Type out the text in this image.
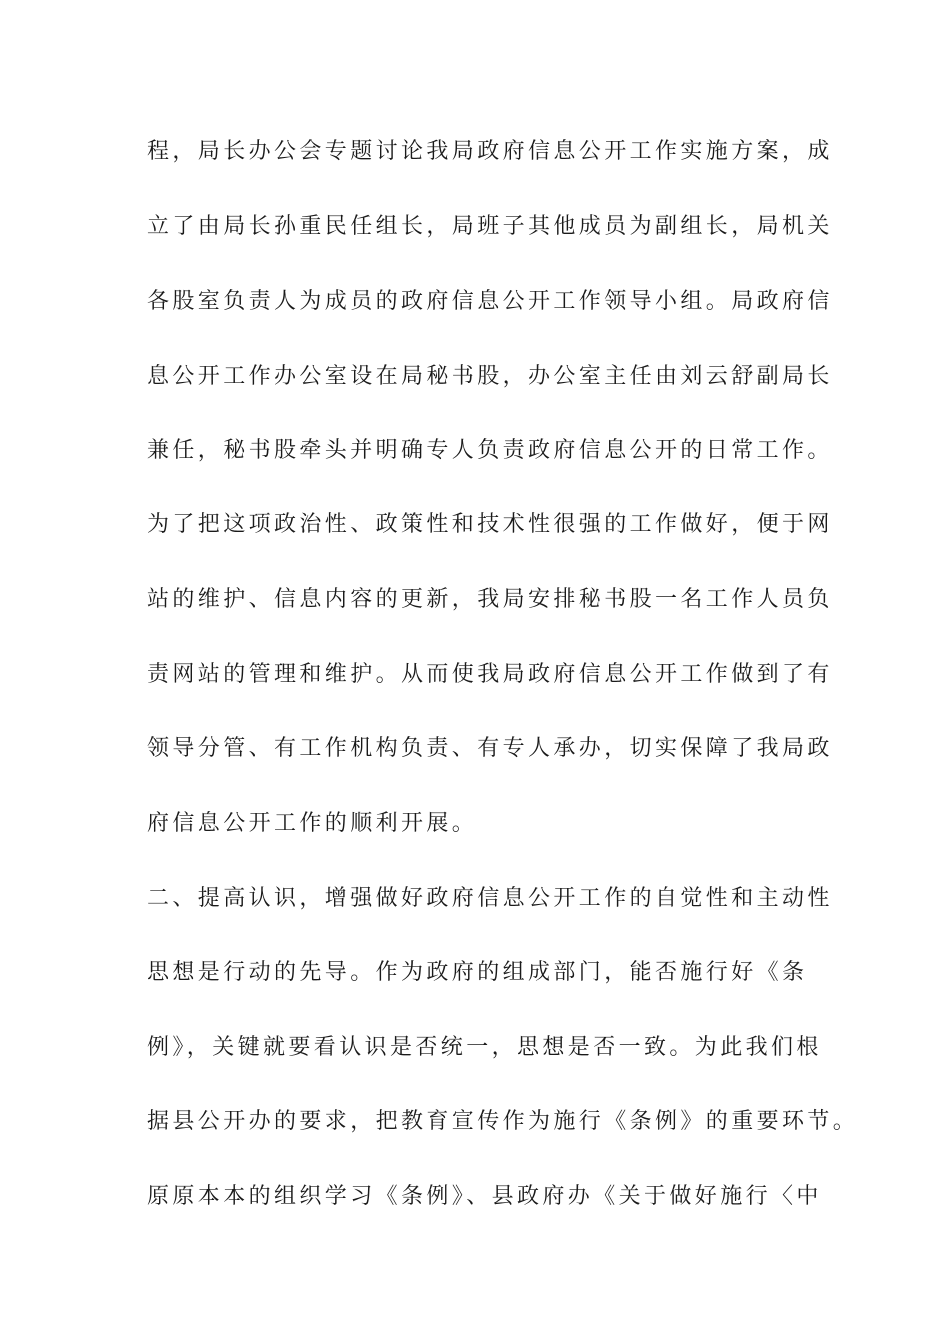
程，局长办公会专题讨论我局政府信息公开工作实施方案，成

立了由局长孙重民任组长，局班子其他成员为副组长，局机关

各股室负责人为成员的政府信息公开工作领导小组。局政府信

息公开工作办公室设在局秘书股，办公室主任由刘云舒副局长

兼任，秘书股牵头并明确专人负责政府信息公开的日常工作。

为了把这项政治性、政策性和技术性很强的工作做好，便于网

站的维护、信息内容的更新，我局安排秘书股一名工作人员负

责网站的管理和维护。从而使我局政府信息公开工作做到了有

领导分管、有工作机构负责、有专人承办，切实保障了我局政

府信息公开工作的顺利开展。

二、提高认识，增强做好政府信息公开工作的自觉性和主动性

思想是行动的先导。作为政府的组成部门，能否施行好《条

例》，关键就要看认识是否统一，思想是否一致。为此我们根

据县公开办的要求，把教育宣传作为施行《条例》的重要环节。

原原本本的组织学习《条例》、县政府办《关于做好施行〈中
